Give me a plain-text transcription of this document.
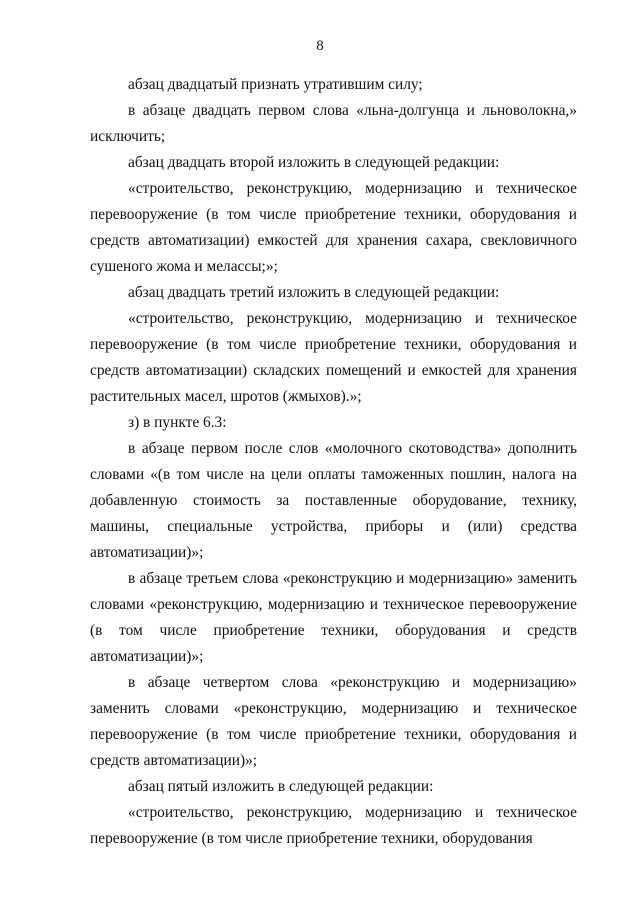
8

абзац двадцатый признать утратившим силу;

в абзаце двадцать первом слова «льна-долгунца и льноволокна,» исключить;

абзац двадцать второй изложить в следующей редакции:

«строительство, реконструкцию, модернизацию и техническое перевооружение (в том числе приобретение техники, оборудования и средств автоматизации) емкостей для хранения сахара, свекловичного сушеного жома и мелассы;»;

абзац двадцать третий изложить в следующей редакции:

«строительство, реконструкцию, модернизацию и техническое перевооружение (в том числе приобретение техники, оборудования и средств автоматизации) складских помещений и емкостей для хранения растительных масел, шротов (жмыхов).»;

з) в пункте 6.3:

в абзаце первом после слов «молочного скотоводства» дополнить словами «(в том числе на цели оплаты таможенных пошлин, налога на добавленную стоимость за поставленные оборудование, технику, машины, специальные устройства, приборы и (или) средства автоматизации)»;

в абзаце третьем слова «реконструкцию и модернизацию» заменить словами «реконструкцию, модернизацию и техническое перевооружение (в том числе приобретение техники, оборудования и средств автоматизации)»;

в абзаце четвертом слова «реконструкцию и модернизацию» заменить словами «реконструкцию, модернизацию и техническое перевооружение (в том числе приобретение техники, оборудования и средств автоматизации)»;

абзац пятый изложить в следующей редакции:

«строительство, реконструкцию, модернизацию и техническое перевооружение (в том числе приобретение техники, оборудования
